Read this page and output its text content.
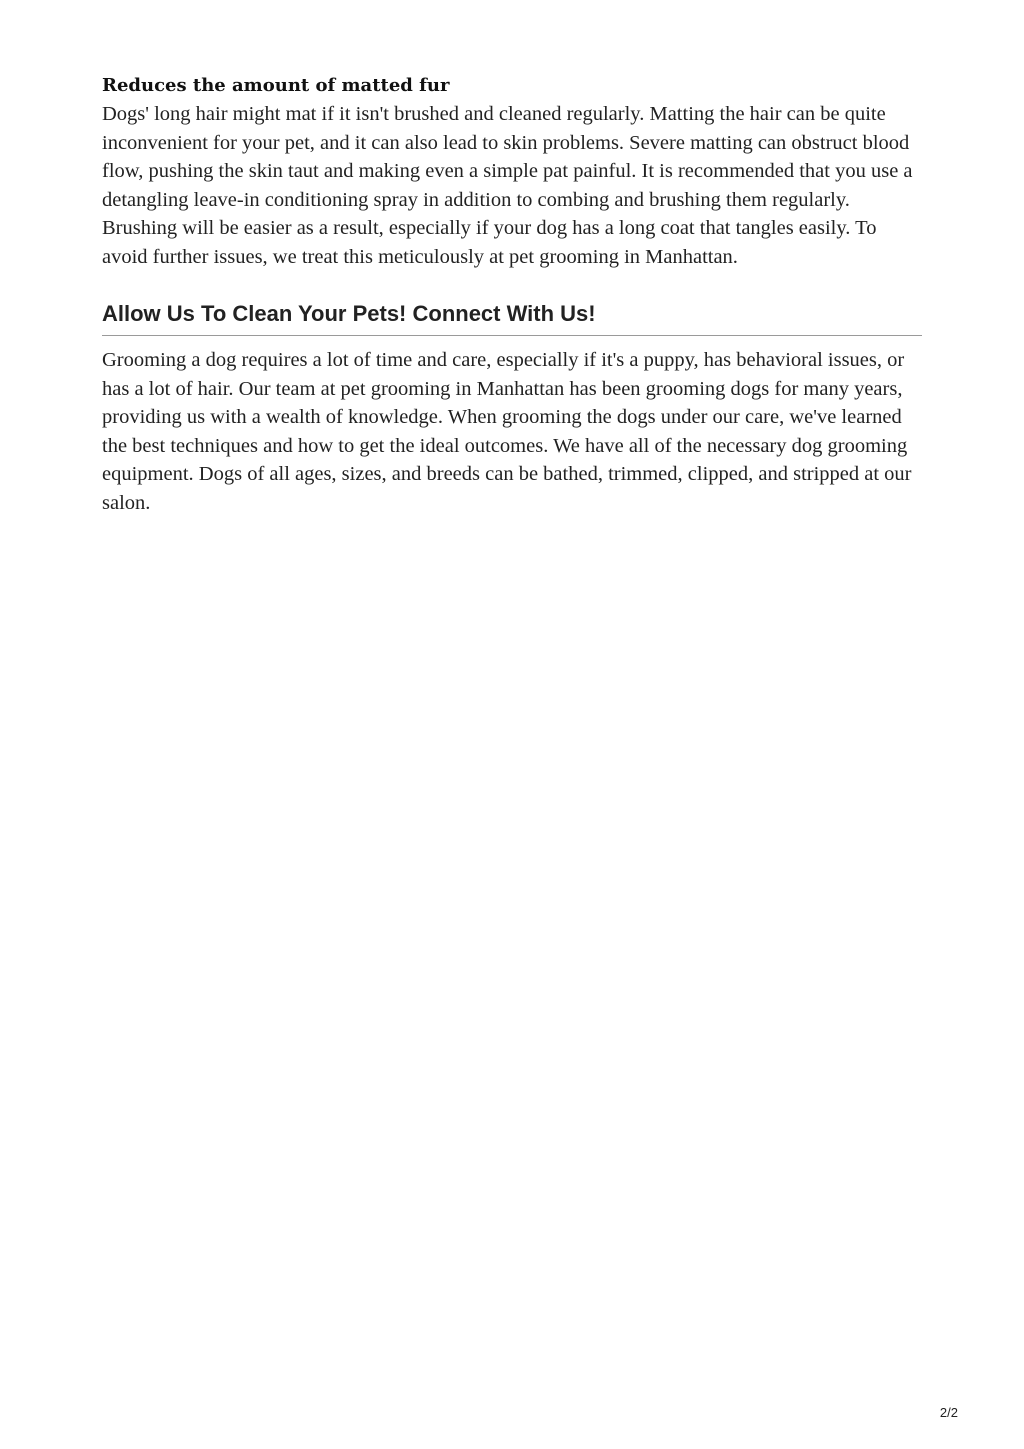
Reduces the amount of matted fur

Dogs' long hair might mat if it isn't brushed and cleaned regularly. Matting the hair can be quite inconvenient for your pet, and it can also lead to skin problems. Severe matting can obstruct blood flow, pushing the skin taut and making even a simple pat painful. It is recommended that you use a detangling leave-in conditioning spray in addition to combing and brushing them regularly. Brushing will be easier as a result, especially if your dog has a long coat that tangles easily. To avoid further issues, we treat this meticulously at pet grooming in Manhattan.

Allow Us To Clean Your Pets! Connect With Us!

Grooming a dog requires a lot of time and care, especially if it's a puppy, has behavioral issues, or has a lot of hair. Our team at pet grooming in Manhattan has been grooming dogs for many years, providing us with a wealth of knowledge. When grooming the dogs under our care, we've learned the best techniques and how to get the ideal outcomes. We have all of the necessary dog grooming equipment. Dogs of all ages, sizes, and breeds can be bathed, trimmed, clipped, and stripped at our salon.

2/2
